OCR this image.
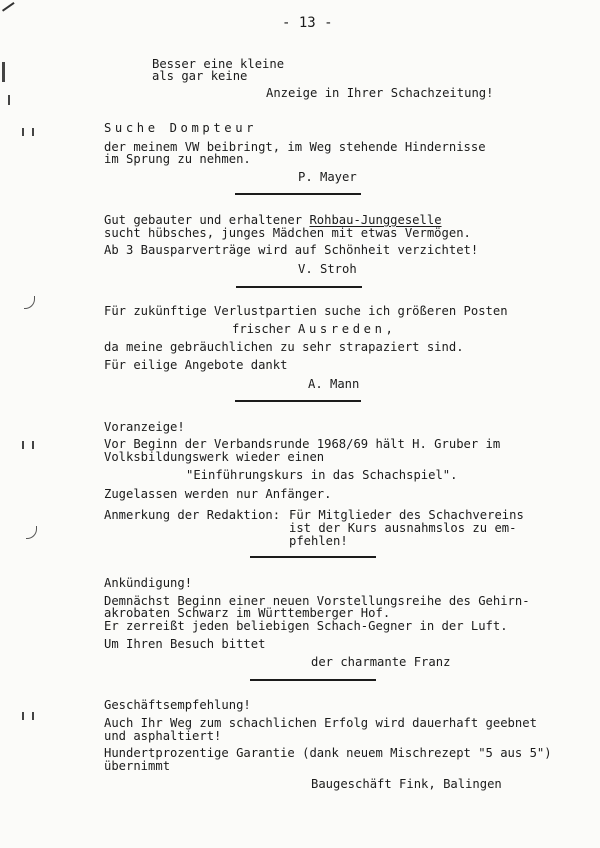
- 13 -
Besser eine kleine
als gar keine
Anzeige in Ihrer Schachzeitung!
Suche Dompteur
der meinem VW beibringt, im Weg stehende Hindernisse
im Sprung zu nehmen.
P. Mayer
Gut gebauter und erhaltener Rohbau-Junggeselle
sucht hübsches, junges Mädchen mit etwas Vermögen.
Ab 3 Bausparverträge wird auf Schönheit verzichtet!
V. Stroh
Für zukünftige Verlustpartien suche ich größeren Posten
frischer Ausreden,
da meine gebräuchlichen zu sehr strapaziert sind.
Für eilige Angebote dankt
A. Mann
Voranzeige!
Vor Beginn der Verbandsrunde 1968/69 hält H. Gruber im
Volksbildungswerk wieder einen
"Einführungskurs in das Schachspiel".
Zugelassen werden nur Anfänger.
Anmerkung der Redaktion: Für Mitglieder des Schachvereins
ist der Kurs ausnahmslos zu em-
pfehlen!
Ankündigung!
Demnächst Beginn einer neuen Vorstellungsreihe des Gehirn-
akrobaten Schwarz im Württemberger Hof.
Er zerreißt jeden beliebigen Schach-Gegner in der Luft.
Um Ihren Besuch bittet
der charmante Franz
Geschäftsempfehlung!
Auch Ihr Weg zum schachlichen Erfolg wird dauerhaft geebnet
und asphaltiert!
Hundertprozentige Garantie (dank neuem Mischrezept "5 aus 5")
übernimmt
Baugeschäft Fink, Balingen
